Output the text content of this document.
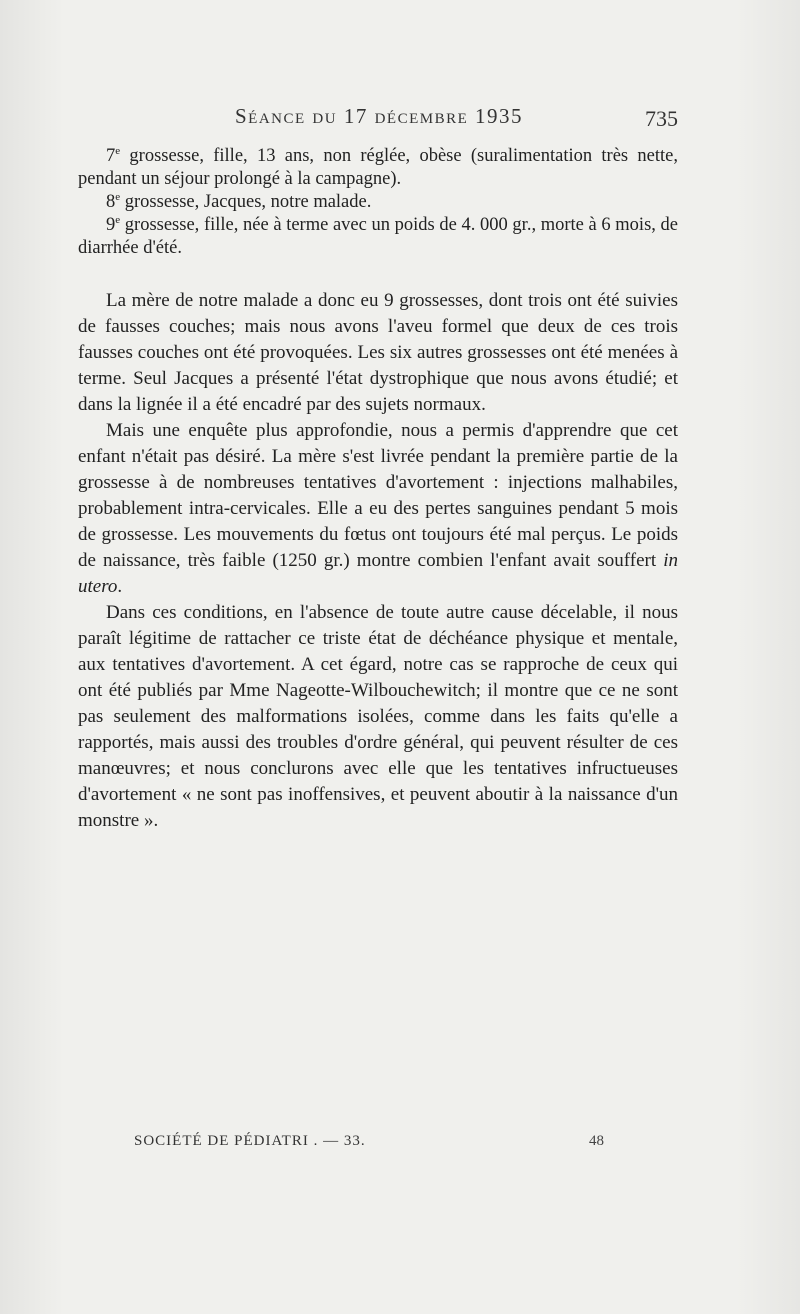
Séance du 17 décembre 1935	735

7e grossesse, fille, 13 ans, non réglée, obèse (suralimentation très nette, pendant un séjour prolongé à la campagne).

8e grossesse, Jacques, notre malade.

9e grossesse, fille, née à terme avec un poids de 4. 000 gr., morte à 6 mois, de diarrhée d'été.

La mère de notre malade a donc eu 9 grossesses, dont trois ont été suivies de fausses couches; mais nous avons l'aveu formel que deux de ces trois fausses couches ont été provoquées. Les six autres grossesses ont été menées à terme. Seul Jacques a présenté l'état dystrophique que nous avons étudié; et dans la lignée il a été encadré par des sujets normaux.

Mais une enquête plus approfondie, nous a permis d'apprendre que cet enfant n'était pas désiré. La mère s'est livrée pendant la première partie de la grossesse à de nombreuses tentatives d'avortement : injections malhabiles, probablement intra-cervicales. Elle a eu des pertes sanguines pendant 5 mois de grossesse. Les mouvements du fœtus ont toujours été mal perçus. Le poids de naissance, très faible (1250 gr.) montre combien l'enfant avait souffert in utero.

Dans ces conditions, en l'absence de toute autre cause décelable, il nous paraît légitime de rattacher ce triste état de déchéance physique et mentale, aux tentatives d'avortement. A cet égard, notre cas se rapproche de ceux qui ont été publiés par Mme Nageotte-Wilbouchewitch; il montre que ce ne sont pas seulement des malformations isolées, comme dans les faits qu'elle a rapportés, mais aussi des troubles d'ordre général, qui peuvent résulter de ces manœuvres; et nous conclurons avec elle que les tentatives infructueuses d'avortement « ne sont pas inoffensives, et peuvent aboutir à la naissance d'un monstre ».

SOCIÉTÉ DE PÉDIATRI . — 33.	48
